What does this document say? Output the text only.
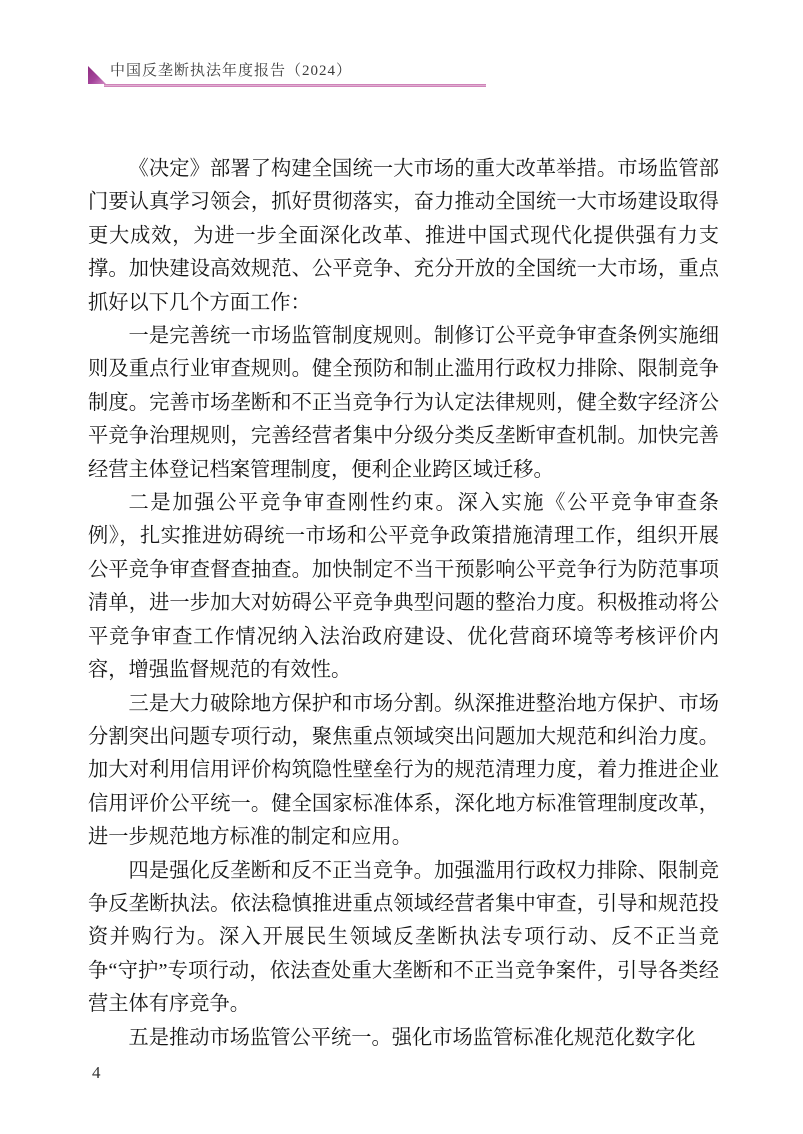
中国反垄断执法年度报告（2024）

《决定》部署了构建全国统一大市场的重大改革举措。市场监管部门要认真学习领会，抓好贯彻落实，奋力推动全国统一大市场建设取得更大成效，为进一步全面深化改革、推进中国式现代化提供强有力支撑。加快建设高效规范、公平竞争、充分开放的全国统一大市场，重点抓好以下几个方面工作：

一是完善统一市场监管制度规则。制修订公平竞争审查条例实施细则及重点行业审查规则。健全预防和制止滥用行政权力排除、限制竞争制度。完善市场垄断和不正当竞争行为认定法律规则，健全数字经济公平竞争治理规则，完善经营者集中分级分类反垄断审查机制。加快完善经营主体登记档案管理制度，便利企业跨区域迁移。

二是加强公平竞争审查刚性约束。深入实施《公平竞争审查条例》，扎实推进妨碍统一市场和公平竞争政策措施清理工作，组织开展公平竞争审查督查抽查。加快制定不当干预影响公平竞争行为防范事项清单，进一步加大对妨碍公平竞争典型问题的整治力度。积极推动将公平竞争审查工作情况纳入法治政府建设、优化营商环境等考核评价内容，增强监督规范的有效性。

三是大力破除地方保护和市场分割。纵深推进整治地方保护、市场分割突出问题专项行动，聚焦重点领域突出问题加大规范和纠治力度。加大对利用信用评价构筑隐性壁垒行为的规范清理力度，着力推进企业信用评价公平统一。健全国家标准体系，深化地方标准管理制度改革，进一步规范地方标准的制定和应用。

四是强化反垄断和反不正当竞争。加强滥用行政权力排除、限制竞争反垄断执法。依法稳慎推进重点领域经营者集中审查，引导和规范投资并购行为。深入开展民生领域反垄断执法专项行动、反不正当竞争“守护”专项行动，依法查处重大垄断和不正当竞争案件，引导各类经营主体有序竞争。

五是推动市场监管公平统一。强化市场监管标准化规范化数字化

4
